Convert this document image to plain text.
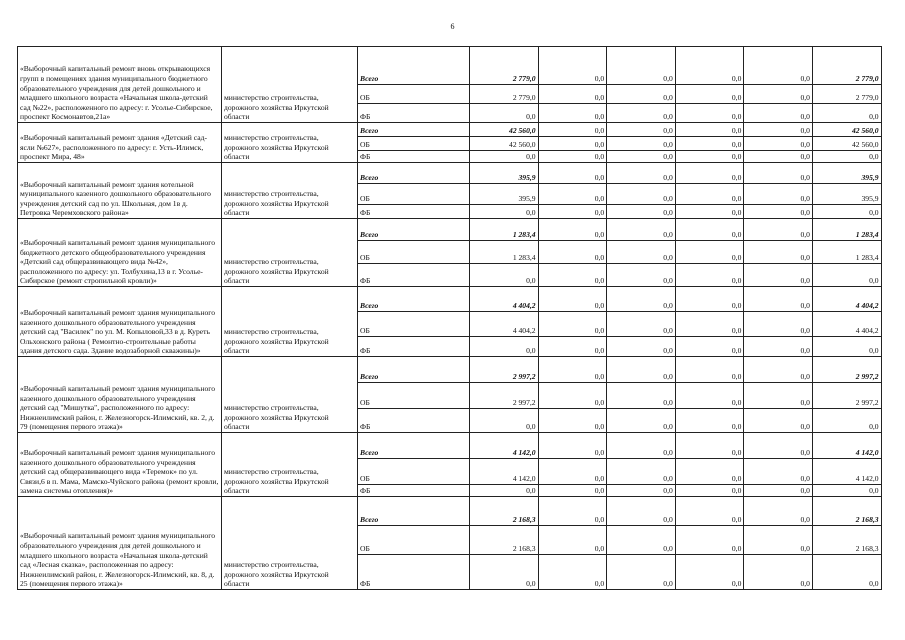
6
«Выборочный капитальный ремонт вновь открывающихся групп в помещениях здания муниципального бюджетного образовательного учреждения для детей дошкольного и младшего школьного возраста «Начальная школа-детский сад №22», расположенного по адресу: г. Усолье-Сибирское, проспект Космонавтов,21а»	министерство строительства, дорожного хозяйства Иркутской области	Всего	2 779,0	0,0	0,0	0,0	0,0	2 779,0
		ОБ	2 779,0	0,0	0,0	0,0	0,0	2 779,0
		ФБ	0,0	0,0	0,0	0,0	0,0	0,0
«Выборочный капитальный ремонт здания «Детский сад-ясли №627», расположенного по адресу: г. Усть-Илимск, проспект Мира, 48»	министерство строительства, дорожного хозяйства Иркутской области	Всего	42 560,0	0,0	0,0	0,0	0,0	42 560,0
		ОБ	42 560,0	0,0	0,0	0,0	0,0	42 560,0
		ФБ	0,0	0,0	0,0	0,0	0,0	0,0
«Выборочный капитальный ремонт здания котельной муниципального казенного дошкольного образовательного учреждения детский сад по ул. Школьная, дом 1в д. Петровка Черемховского района»	министерство строительства, дорожного хозяйства Иркутской области	Всего	395,9	0,0	0,0	0,0	0,0	395,9
		ОБ	395,9	0,0	0,0	0,0	0,0	395,9
		ФБ	0,0	0,0	0,0	0,0	0,0	0,0
«Выборочный капитальный ремонт здания муниципального бюджетного детского общеобразовательного учреждения «Детский сад общеразвивающего вида №42», расположенного по адресу: ул. Толбухина,13 в г. Усолье-Сибирское (ремонт стропильной кровли)»	министерство строительства, дорожного хозяйства Иркутской области	Всего	1 283,4	0,0	0,0	0,0	0,0	1 283,4
		ОБ	1 283,4	0,0	0,0	0,0	0,0	1 283,4
		ФБ	0,0	0,0	0,0	0,0	0,0	0,0
«Выборочный капитальный ремонт здания муниципального казенного дошкольного образовательного учреждения детский сад "Василек" по ул. М. Копыловой,33 в д. Куреть Ольхонского района ( Ремонтно-строительные работы здания детского сада. Здание водозаборной скважины)»	министерство строительства, дорожного хозяйства Иркутской области	Всего	4 404,2	0,0	0,0	0,0	0,0	4 404,2
		ОБ	4 404,2	0,0	0,0	0,0	0,0	4 404,2
		ФБ	0,0	0,0	0,0	0,0	0,0	0,0
«Выборочный капитальный ремонт здания муниципального казенного дошкольного образовательного учреждения детский сад "Мишутка", расположенного по адресу: Нижнеилимский район, г. Железногорск-Илимский, кв. 2, д. 79 (помещения первого этажа)»	министерство строительства, дорожного хозяйства Иркутской области	Всего	2 997,2	0,0	0,0	0,0	0,0	2 997,2
		ОБ	2 997,2	0,0	0,0	0,0	0,0	2 997,2
		ФБ	0,0	0,0	0,0	0,0	0,0	0,0
«Выборочный капитальный ремонт здания муниципального казенного дошкольного образовательного учреждения детский сад общеразвивающего вида «Теремок» по ул. Связи,6 в п. Мама, Мамско-Чуйского района (ремонт кровли, замена системы отопления)»	министерство строительства, дорожного хозяйства Иркутской области	Всего	4 142,0	0,0	0,0	0,0	0,0	4 142,0
		ОБ	4 142,0	0,0	0,0	0,0	0,0	4 142,0
		ФБ	0,0	0,0	0,0	0,0	0,0	0,0
«Выборочный капитальный ремонт здания муниципального образовательного учреждения для детей дошкольного и младшего школьного возраста «Начальная школа-детский сад «Лесная сказка», расположенная по адресу: Нижнеилимский район, г. Железногорск-Илимский, кв. 8, д. 25 (помещения первого этажа)»	министерство строительства, дорожного хозяйства Иркутской области	Всего	2 168,3	0,0	0,0	0,0	0,0	2 168,3
		ОБ	2 168,3	0,0	0,0	0,0	0,0	2 168,3
		ФБ	0,0	0,0	0,0	0,0	0,0	0,0
